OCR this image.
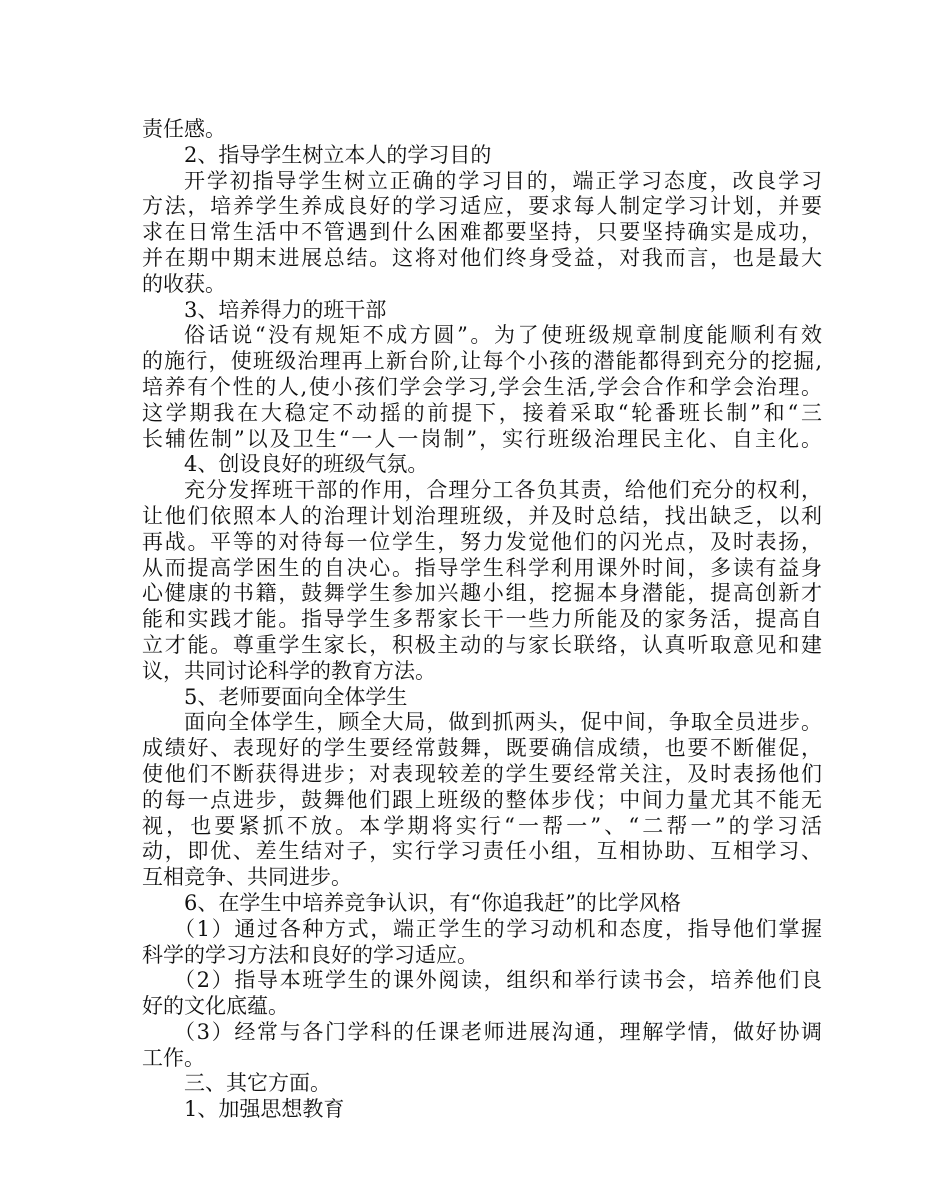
责任感。
2、指导学生树立本人的学习目的
开学初指导学生树立正确的学习目的，端正学习态度，改良学习
方法，培养学生养成良好的学习适应，要求每人制定学习计划，并要
求在日常生活中不管遇到什么困难都要坚持，只要坚持确实是成功，
并在期中期末进展总结。这将对他们终身受益，对我而言，也是最大
的收获。
3、培养得力的班干部
俗话说“没有规矩不成方圆”。为了使班级规章制度能顺利有效
的施行，使班级治理再上新台阶,让每个小孩的潜能都得到充分的挖掘,
培养有个性的人,使小孩们学会学习,学会生活,学会合作和学会治理。
这学期我在大稳定不动摇的前提下，接着采取“轮番班长制”和“三
长辅佐制”以及卫生“一人一岗制”，实行班级治理民主化、自主化。
4、创设良好的班级气氛。
充分发挥班干部的作用，合理分工各负其责，给他们充分的权利，
让他们依照本人的治理计划治理班级，并及时总结，找出缺乏，以利
再战。平等的对待每一位学生，努力发觉他们的闪光点，及时表扬，
从而提高学困生的自决心。指导学生科学利用课外时间，多读有益身
心健康的书籍，鼓舞学生参加兴趣小组，挖掘本身潜能，提高创新才
能和实践才能。指导学生多帮家长干一些力所能及的家务活，提高自
立才能。尊重学生家长，积极主动的与家长联络，认真听取意见和建
议，共同讨论科学的教育方法。
5、老师要面向全体学生
面向全体学生，顾全大局，做到抓两头，促中间，争取全员进步。
成绩好、表现好的学生要经常鼓舞，既要确信成绩，也要不断催促，
使他们不断获得进步；对表现较差的学生要经常关注，及时表扬他们
的每一点进步，鼓舞他们跟上班级的整体步伐；中间力量尤其不能无
视，也要紧抓不放。本学期将实行“一帮一”、“二帮一”的学习活
动，即优、差生结对子，实行学习责任小组，互相协助、互相学习、
互相竞争、共同进步。
6、在学生中培养竞争认识，有“你追我赶”的比学风格
（1）通过各种方式，端正学生的学习动机和态度，指导他们掌握
科学的学习方法和良好的学习适应。
（2）指导本班学生的课外阅读，组织和举行读书会，培养他们良
好的文化底蕴。
（3）经常与各门学科的任课老师进展沟通，理解学情，做好协调
工作。
三、其它方面。
1、加强思想教育
